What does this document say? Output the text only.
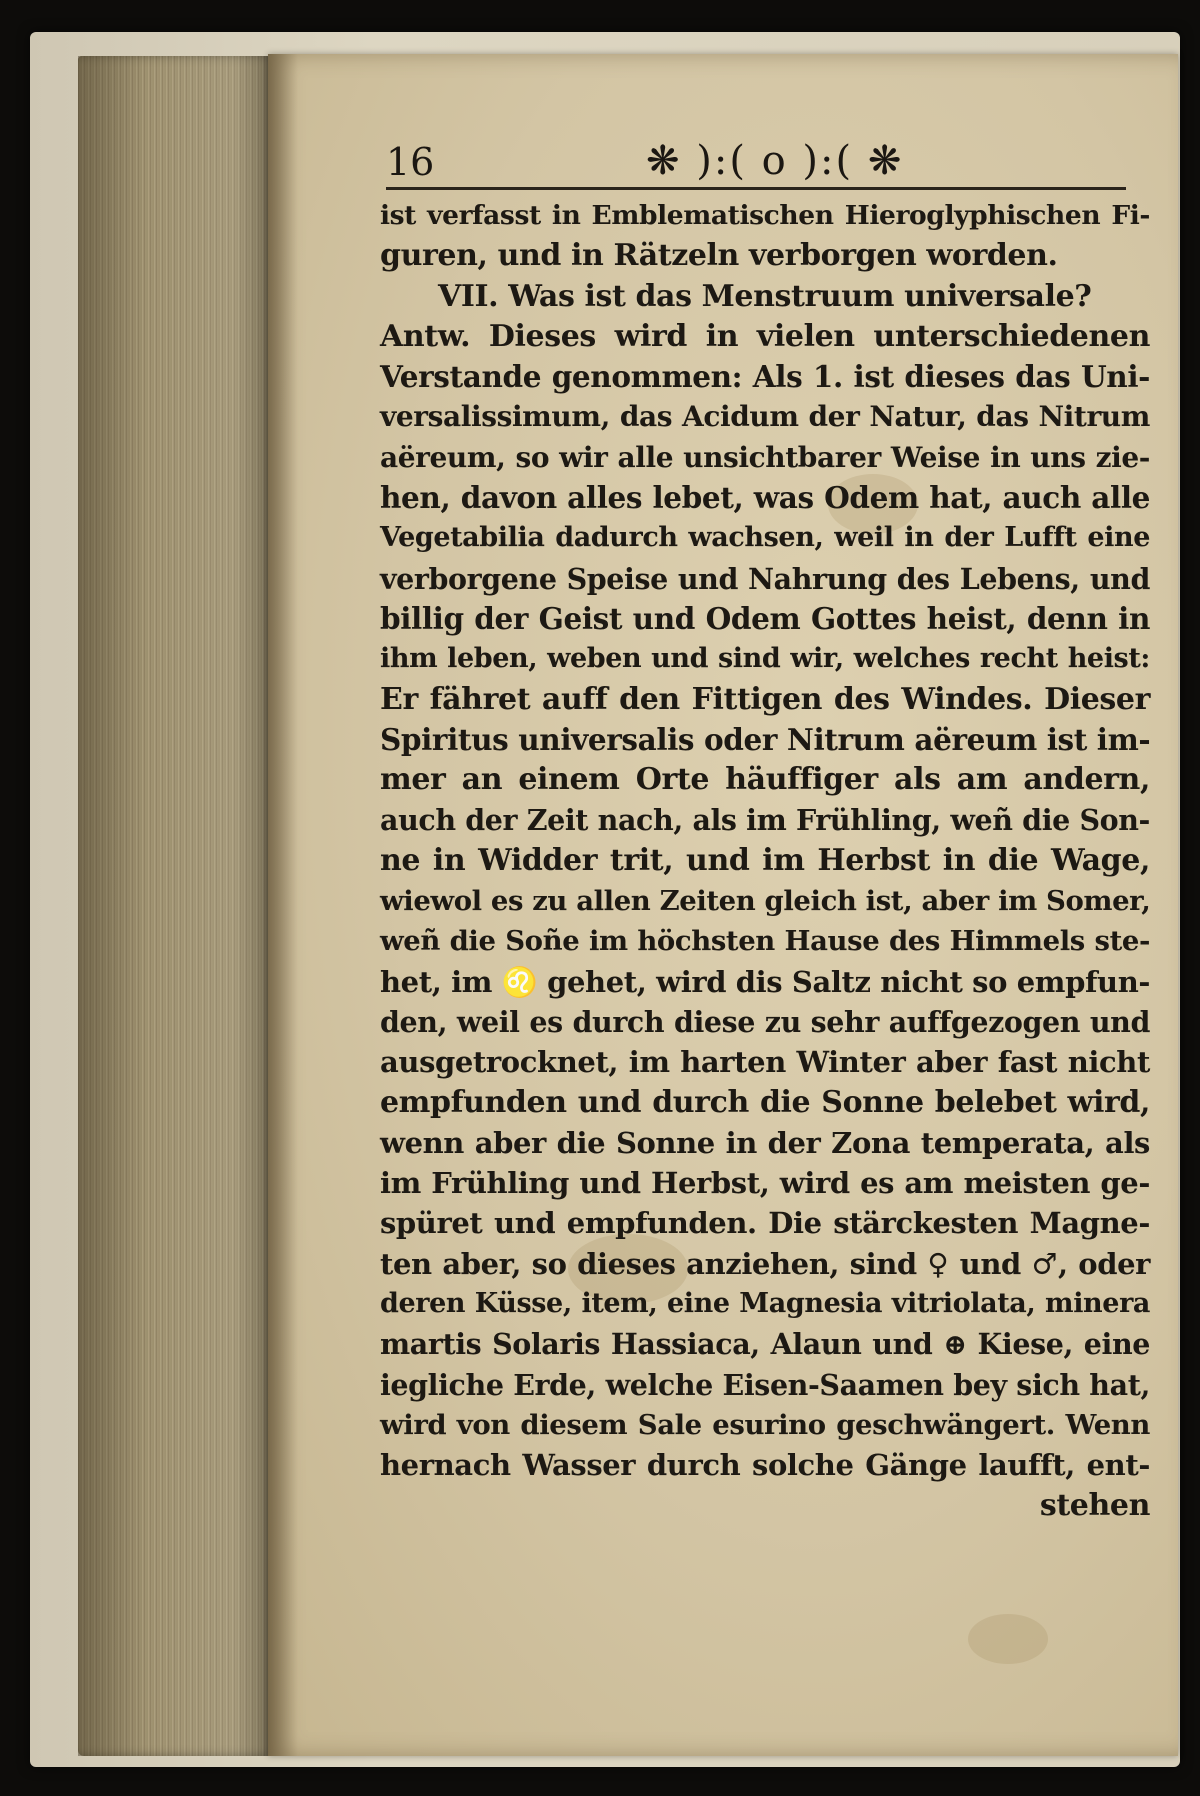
16	❋ ):( o ):( ❋
ist verfasst in Emblematischen Hieroglyphischen Fi-
guren, und in Rätzeln verborgen worden.
VII. Was ist das Menstruum universale?
Antw. Dieses wird in vielen unterschiedenen
Verstande genommen: Als 1. ist dieses das Uni-
versalissimum, das Acidum der Natur, das Nitrum
aëreum, so wir alle unsichtbarer Weise in uns zie-
hen, davon alles lebet, was Odem hat, auch alle
Vegetabilia dadurch wachsen, weil in der Lufft eine
verborgene Speise und Nahrung des Lebens, und
billig der Geist und Odem Gottes heist, denn in
ihm leben, weben und sind wir, welches recht heist:
Er fähret auff den Fittigen des Windes. Dieser
Spiritus universalis oder Nitrum aëreum ist im-
mer an einem Orte häuffiger als am andern,
auch der Zeit nach, als im Frühling, weñ die Son-
ne in Widder trit, und im Herbst in die Wage,
wiewol es zu allen Zeiten gleich ist, aber im Somer,
weñ die Soñe im höchsten Hause des Himmels ste-
het, im ♌ gehet, wird dis Saltz nicht so empfun-
den, weil es durch diese zu sehr auffgezogen und
ausgetrocknet, im harten Winter aber fast nicht
empfunden und durch die Sonne belebet wird,
wenn aber die Sonne in der Zona temperata, als
im Frühling und Herbst, wird es am meisten ge-
spüret und empfunden. Die stärckesten Magne-
ten aber, so dieses anziehen, sind ♀ und ♂, oder
deren Küsse, item, eine Magnesia vitriolata, minera
martis Solaris Hassiaca, Alaun und ⊕ Kiese, eine
iegliche Erde, welche Eisen-Saamen bey sich hat,
wird von diesem Sale esurino geschwängert. Wenn
hernach Wasser durch solche Gänge laufft, ent-
stehen
